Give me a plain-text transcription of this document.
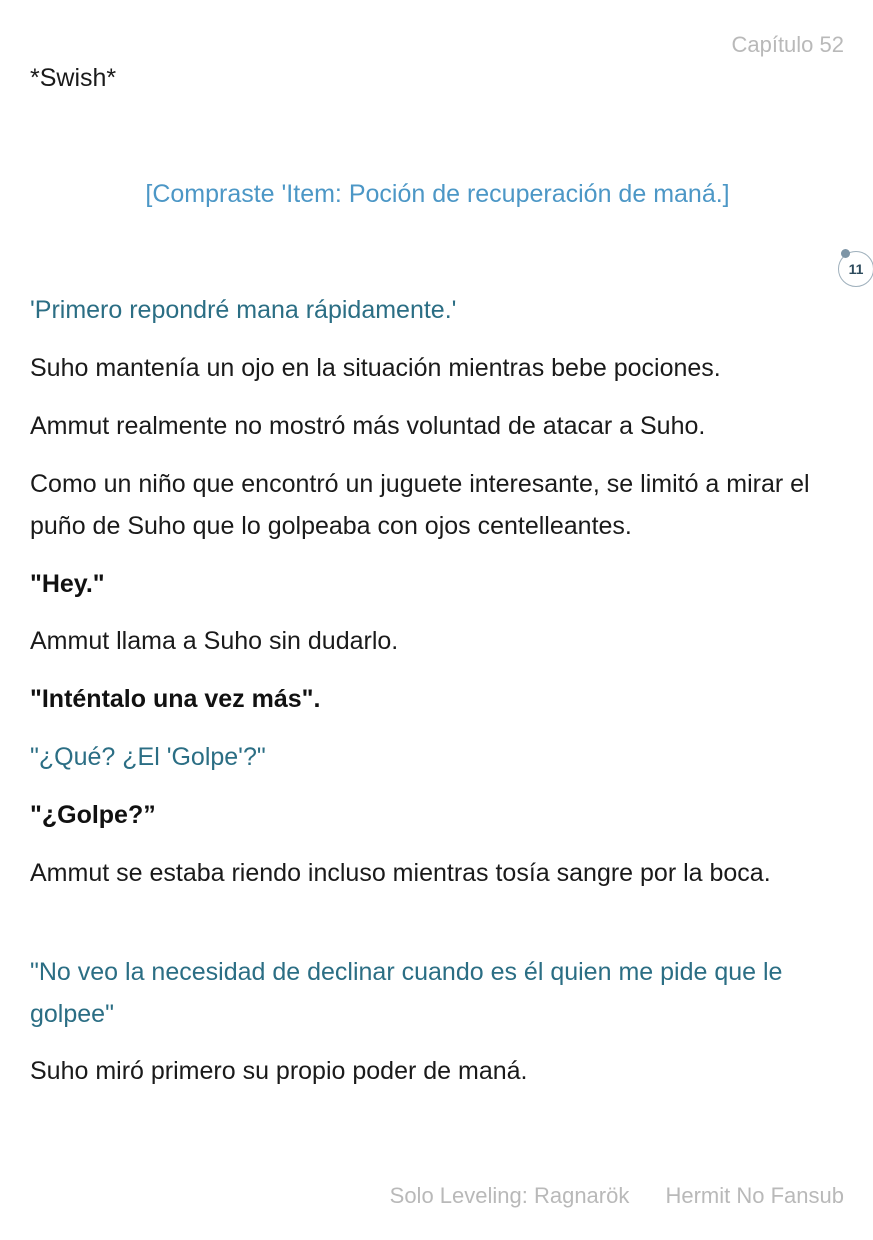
Capítulo 52
11

*Swish*

[Compraste 'Item: Poción de recuperación de maná.]

'Primero repondré mana rápidamente.'

Suho mantenía un ojo en la situación mientras bebe pociones.

Ammut realmente no mostró más voluntad de atacar a Suho.

Como un niño que encontró un juguete interesante, se limitó a mirar el puño de Suho que lo golpeaba con ojos centelleantes.

"Hey."

Ammut llama a Suho sin dudarlo.

"Inténtalo una vez más".

"¿Qué? ¿El 'Golpe'?"

"¿Golpe?”

Ammut se estaba riendo incluso mientras tosía sangre por la boca.

"No veo la necesidad de declinar cuando es él quien me pide que le golpee"

Suho miró primero su propio poder de maná.

Solo Leveling: Ragnarök Hermit No Fansub
